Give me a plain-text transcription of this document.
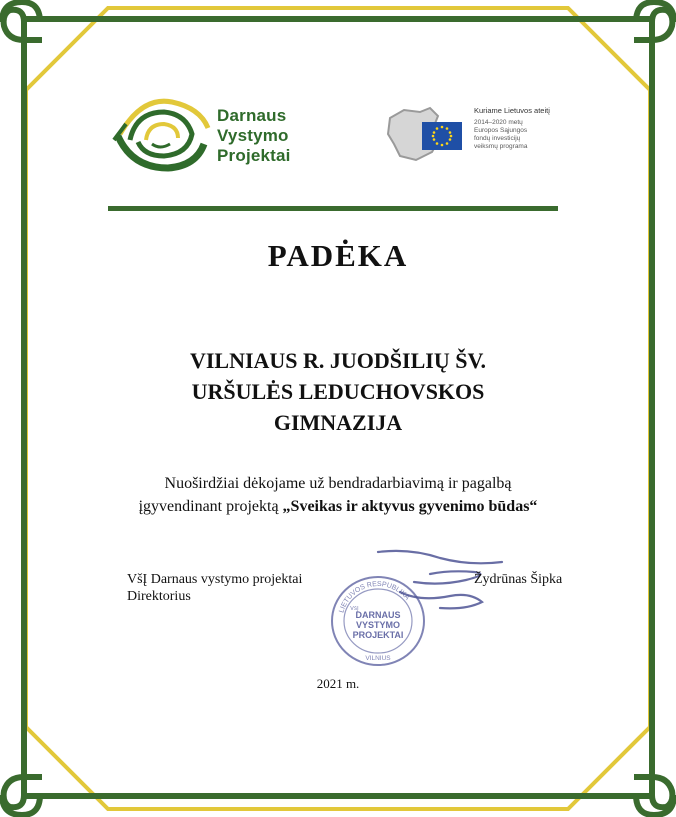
Darnaus
Vystymo
Projektai
Kuriame Lietuvos ateitį
2014–2020 metų
Europos Sąjungos
fondų investicijų
veiksmų programa
PADĖKA
VILNIAUS R. JUODŠILIŲ ŠV.
URŠULĖS LEDUCHOVSKOS
GIMNAZIJA
Nuoširdžiai dėkojame už bendradarbiavimą ir pagalbą
įgyvendinant projektą „Sveikas ir aktyvus gyvenimo būdas“
LIETUVOS RESPUBLIKA
VšĮ
DARNAUS
VYSTYMO
PROJEKTAI
VILNIUS
VšĮ Darnaus vystymo projektai
Direktorius
Žydrūnas Šipka
2021 m.
